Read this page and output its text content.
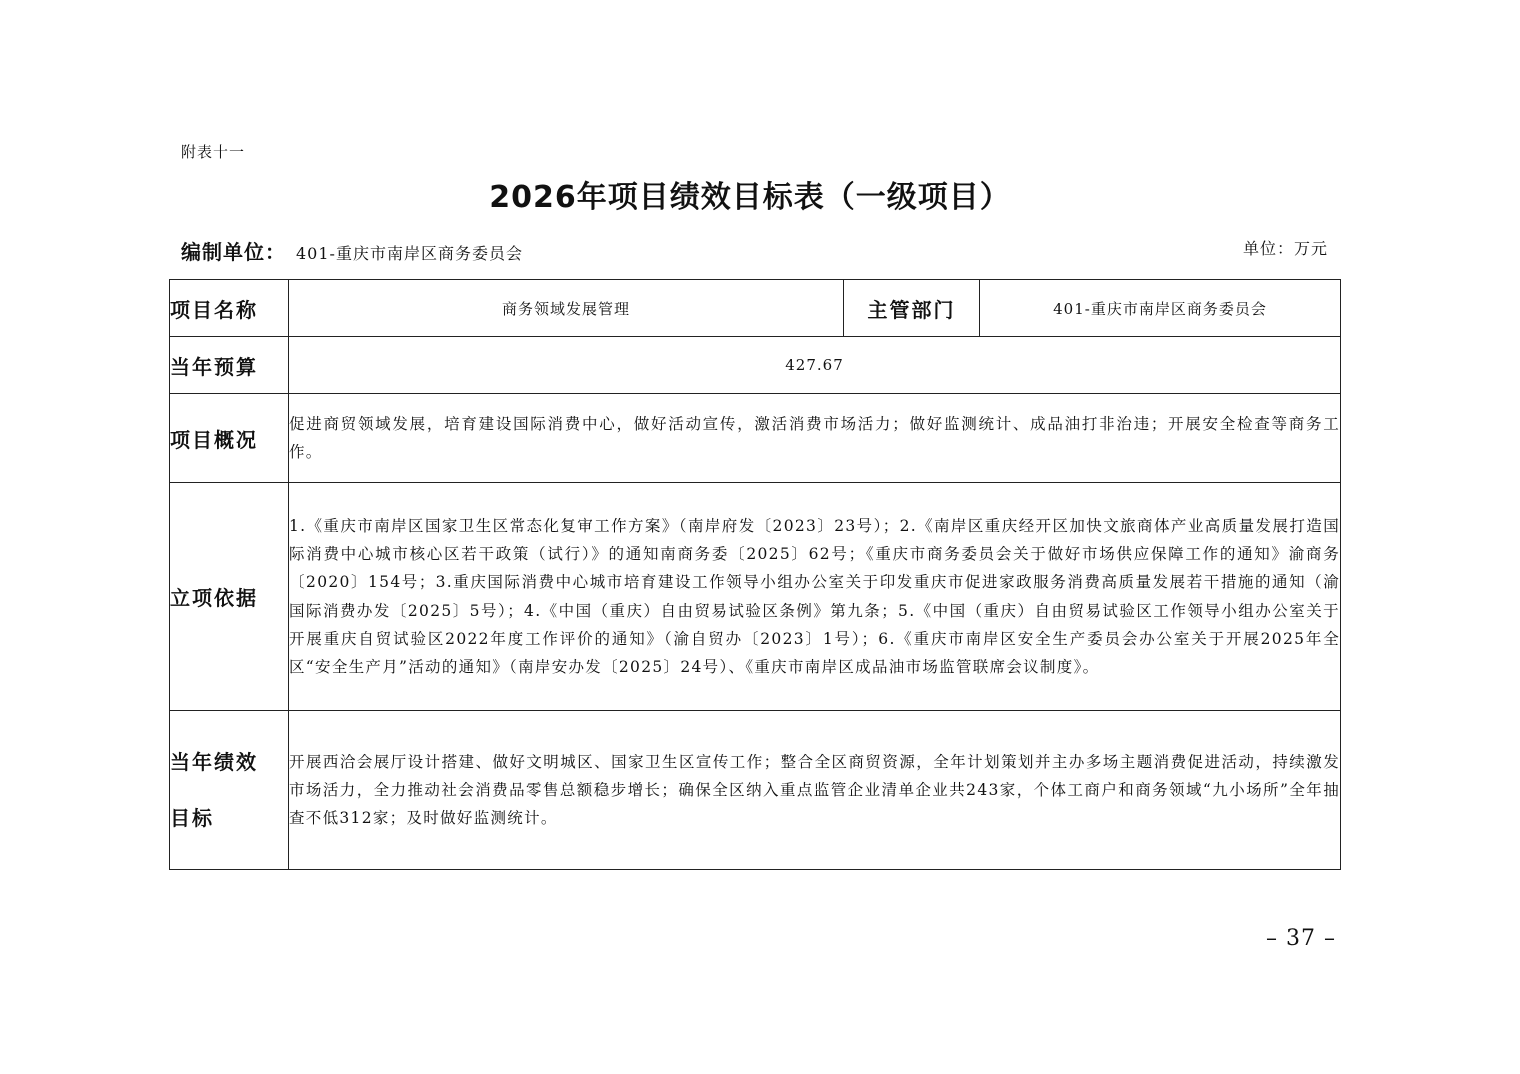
附表十一
2026年项目绩效目标表（一级项目）
编制单位： 401-重庆市南岸区商务委员会	单位：万元
项目名称	商务领域发展管理	主管部门	401-重庆市南岸区商务委员会
当年预算	427.67		
项目概况	促进商贸领域发展，培育建设国际消费中心，做好活动宣传，激活消费市场活力；做好监测统计、成品油打非治违；开展安全检查等商务工作。		
立项依据	1.《重庆市南岸区国家卫生区常态化复审工作方案》（南岸府发〔2023〕23号）；2.《南岸区重庆经开区加快文旅商体产业高质量发展打造国际消费中心城市核心区若干政策（试行）》的通知南商务委〔2025〕62号；《重庆市商务委员会关于做好市场供应保障工作的通知》渝商务〔2020〕154号；3.重庆国际消费中心城市培育建设工作领导小组办公室关于印发重庆市促进家政服务消费高质量发展若干措施的通知（渝国际消费办发〔2025〕5号）；4.《中国（重庆）自由贸易试验区条例》第九条；5.《中国（重庆）自由贸易试验区工作领导小组办公室关于开展重庆自贸试验区2022年度工作评价的通知》（渝自贸办〔2023〕1号）；6.《重庆市南岸区安全生产委员会办公室关于开展2025年全区“安全生产月”活动的通知》（南岸安办发〔2025〕24号）、《重庆市南岸区成品油市场监管联席会议制度》。		

当年绩效
目标	开展西洽会展厅设计搭建、做好文明城区、国家卫生区宣传工作；整合全区商贸资源，全年计划策划并主办多场主题消费促进活动，持续激发市场活力，全力推动社会消费品零售总额稳步增长；确保全区纳入重点监管企业清单企业共243家，个体工商户和商务领域“九小场所”全年抽查不低312家；及时做好监测统计。		
– 37 –
